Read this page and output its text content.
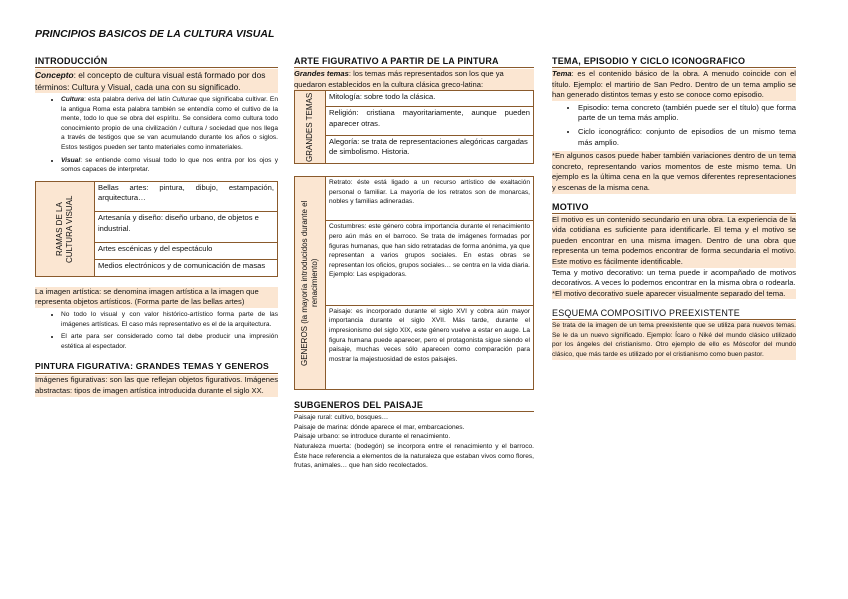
PRINCIPIOS BASICOS DE LA CULTURA VISUAL
INTRODUCCIÓN

Concepto: el concepto de cultura visual está formado por dos términos: Cultura y Visual, cada una con su significado.

• Cultura: esta palabra deriva del latín Culturae que significaba cultivar. En la antigua Roma esta palabra también se entendía como el cultivo de la mente, todo lo que se obra del espíritu. Se considera como cultura todo conocimiento propio de una civilización / cultura / sociedad que nos llega a través de testigos que se van acumulando durante los años o siglos. Estos testigos pueden ser tanto materiales como inmateriales.
• Visual: se entiende como visual todo lo que nos entra por los ojos y somos capaces de interpretar.
RAMAS DE LA CULTURA VISUAL
	Bellas artes: pintura, dibujo, estampación, arquitectura…
Artesanía y diseño: diseño urbano, de objetos e industrial.
Artes escénicas y del espectáculo
Medios electrónicos y de comunicación de masas

La imagen artística: se denomina imagen artística a la imagen que representa objetos artísticos. (Forma parte de las bellas artes)

• No todo lo visual y con valor histórico-artístico forma parte de las imágenes artísticas. El caso más representativo es el de la arquitectura.
• El arte para ser considerado como tal debe producir una impresión estética al espectador.
PINTURA FIGURATIVA: GRANDES TEMAS Y GENEROS

Imágenes figurativas: son las que reflejan objetos figurativos. Imágenes abstractas: tipos de imagen artística introducida durante el siglo XX.

ARTE FIGURATIVO A PARTIR DE LA PINTURA

Grandes temas: los temas más representados son los que ya quedaron establecidos en la cultura clásica greco-latina:

GRANDES TEMAS	Mitología: sobre todo la clásica.
Religión: cristiana mayoritariamente, aunque pueden aparecer otras.
Alegoría: se trata de representaciones alegóricas cargadas de simbolismo. Historia.
GENEROS (la mayoría introducidos durante el renacimiento)
	Retrato: éste está ligado a un recurso artístico de exaltación personal o familiar. La mayoría de los retratos son de monarcas, nobles y familias adineradas.
Costumbres: este género cobra importancia durante el renacimiento pero aún más en el barroco. Se trata de imágenes formadas por figuras humanas, que han sido retratadas de forma anónima, ya que representan a varios grupos sociales. En estas obras se representan los oficios, grupos sociales… se centra en la vida diaria. Ejemplo: Las espigadoras.
Paisaje: es incorporado durante el siglo XVI y cobra aún mayor importancia durante el siglo XVII. Más tarde, durante el impresionismo del siglo XIX, este género vuelve a estar en auge. La figura humana puede aparecer, pero el protagonista sigue siendo el paisaje, muchas veces sólo aparecen como comparación para mostrar la majestuosidad de estos paisajes.
SUBGENEROS DEL PAISAJE

Paisaje rural: cultivo, bosques…

Paisaje de marina: dónde aparece el mar, embarcaciones.

Paisaje urbano: se introduce durante el renacimiento.

Naturaleza muerta: (bodegón) se incorpora entre el renacimiento y el barroco. Éste hace referencia a elementos de la naturaleza que estaban vivos como flores, frutas, animales… que han sido recolectados.

TEMA, EPISODIO Y CICLO ICONOGRAFICO

Tema: es el contenido básico de la obra. A menudo coincide con el título. Ejemplo: el martirio de San Pedro. Dentro de un tema amplio se han generado distintos temas y esto se conoce como episodio.

• Episodio: tema concreto (también puede ser el título) que forma parte de un tema más amplio.
• Ciclo iconográfico: conjunto de episodios de un mismo tema más amplio.

*En algunos casos puede haber también variaciones dentro de un tema concreto, representando varios momentos de este mismo tema. Un ejemplo es la última cena en la que vemos diferentes representaciones y escenas de la misma cena.

MOTIVO

El motivo es un contenido secundario en una obra. La experiencia de la vida cotidiana es suficiente para identificarle. El tema y el motivo se pueden encontrar en una misma imagen. Dentro de una obra que representa un tema podemos encontrar de forma secundaria el motivo. Este motivo es fácilmente identificable.

Tema y motivo decorativo: un tema puede ir acompañado de motivos decorativos. A veces lo podemos encontrar en la misma obra o rodearla.

*El motivo decorativo suele aparecer visualmente separado del tema.

ESQUEMA COMPOSITIVO PREEXISTENTE

Se trata de la imagen de un tema preexistente que se utiliza para nuevos temas. Se le da un nuevo significado. Ejemplo: Ícaro o Niké del mundo clásico utilizado por los ángeles del cristianismo. Otro ejemplo de ello es Móscofor del mundo clásico, que más tarde es utilizado por el cristianismo como buen pastor.
